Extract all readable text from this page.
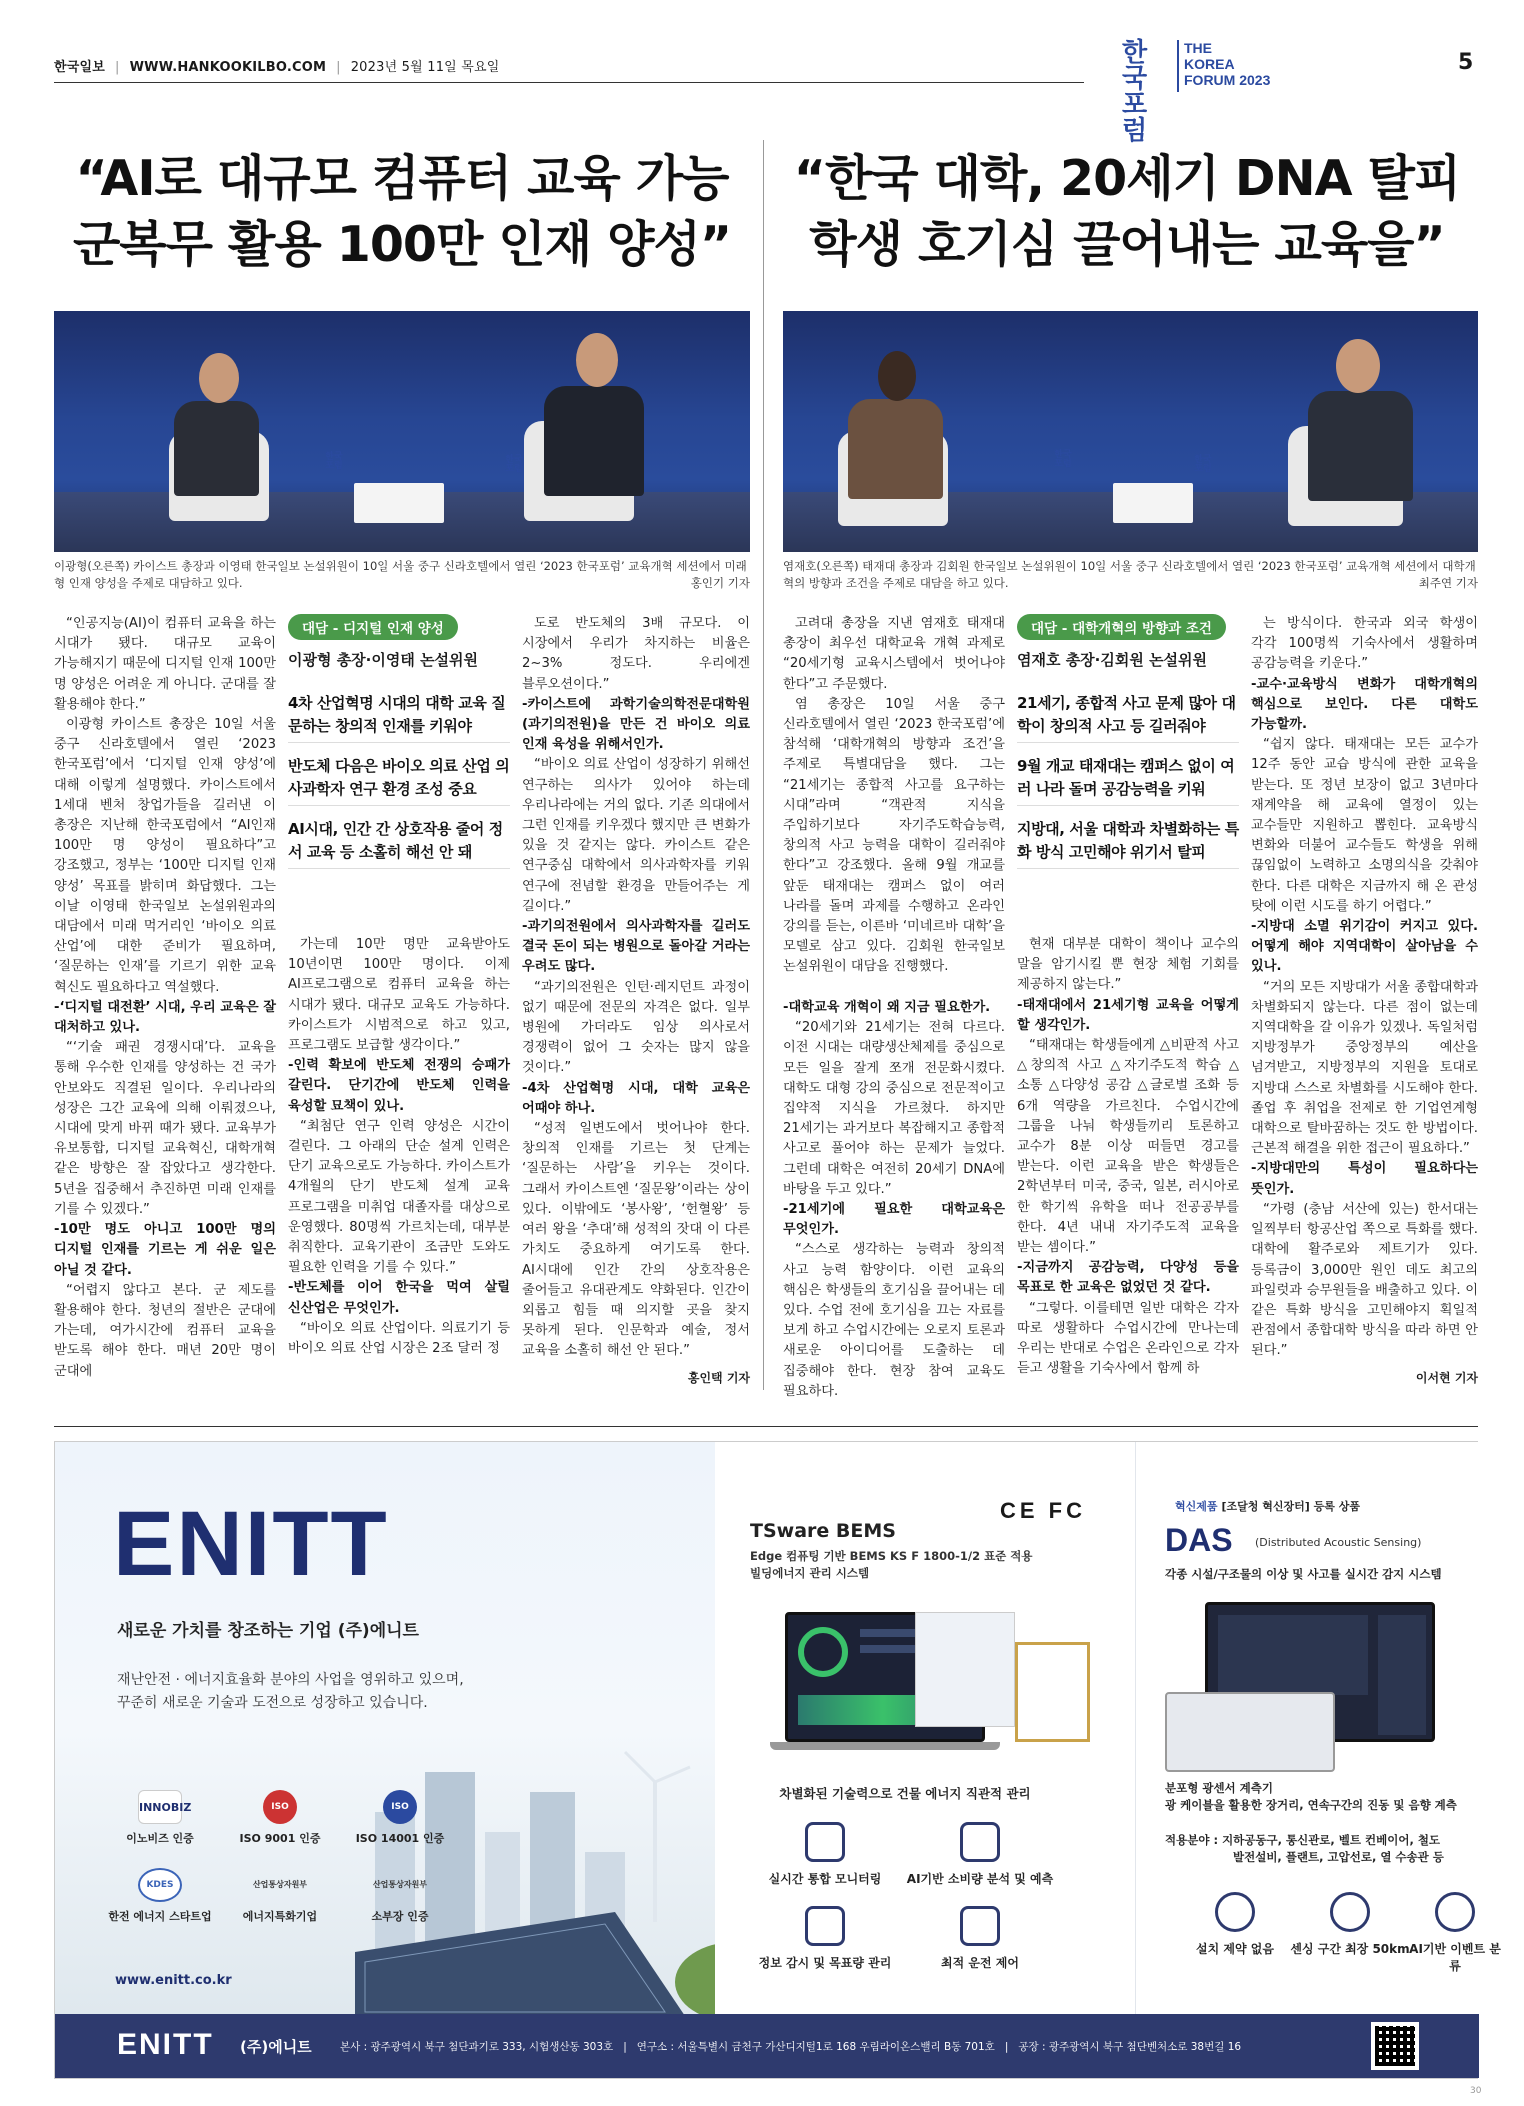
한국일보 | WWW.HANKOOKILBO.COM | 2023년 5월 11일 목요일	한국
포럼
THE
KOREA
FORUM 2023
5
“AI로 대규모 컴퓨터 교육 가능
군복무 활용 100만 인재 양성”
“한국 대학, 20세기 DNA 탈피
학생 호기심 끌어내는 교육을”
한국
포럼
한국
포럼
이광형(오른쪽) 카이스트 총장과 이영태 한국일보 논설위원이 10일 서울 중구 신라호텔에서 열린 ‘2023 한국포럼’ 교육개혁 세션에서 미래형 인재 양성을 주제로 대담하고 있다.	홍인기 기자
한국
포럼	한국
포럼
염재호(오른쪽) 태재대 총장과 김회원 한국일보 논설위원이 10일 서울 중구 신라호텔에서 열린 ‘2023 한국포럼’ 교육개혁 세션에서 대학개혁의 방향과 조건을 주제로 대담을 하고 있다.	최주연 기자

“인공지능(AI)이 컴퓨터 교육을 하는 시대가 됐다. 대규모 교육이 가능해지기 때문에 디지털 인재 100만 명 양성은 어려운 게 아니다. 군대를 잘 활용해야 한다.”

이광형 카이스트 총장은 10일 서울 중구 신라호텔에서 열린 ‘2023 한국포럼’에서 ‘디지털 인재 양성’에 대해 이렇게 설명했다. 카이스트에서 1세대 벤처 창업가들을 길러낸 이 총장은 지난해 한국포럼에서 “AI인재 100만 명 양성이 필요하다”고 강조했고, 정부는 ‘100만 디지털 인재 양성’ 목표를 밝히며 화답했다. 그는 이날 이영태 한국일보 논설위원과의 대담에서 미래 먹거리인 ‘바이오 의료 산업’에 대한 준비가 필요하며, ‘질문하는 인재’를 기르기 위한 교육 혁신도 필요하다고 역설했다.

-‘디지털 대전환’ 시대, 우리 교육은 잘 대처하고 있나.

“‘기술 패권 경쟁시대’다. 교육을 통해 우수한 인재를 양성하는 건 국가 안보와도 직결된 일이다. 우리나라의 성장은 그간 교육에 의해 이뤄졌으나, 시대에 맞게 바뀌 때가 됐다. 교육부가 유보통합, 디지털 교육혁신, 대학개혁 같은 방향은 잘 잡았다고 생각한다. 5년을 집중해서 추진하면 미래 인재를 기를 수 있겠다.”

-10만 명도 아니고 100만 명의 디지털 인재를 기르는 게 쉬운 일은 아닐 것 같다.

“어렵지 않다고 본다. 군 제도를 활용해야 한다. 청년의 절반은 군대에 가는데, 여가시간에 컴퓨터 교육을 받도록 해야 한다. 매년 20만 명이 군대에

대담 - 디지털 인재 양성
이광형 총장·이영태 논설위원
4차 산업혁명 시대의 대학 교육 질문하는 창의적 인재를 키워야
반도체 다음은 바이오 의료 산업 의사과학자 연구 환경 조성 중요
AI시대, 인간 간 상호작용 줄어 정서 교육 등 소홀히 해선 안 돼

가는데 10만 명만 교육받아도 10년이면 100만 명이다. 이제 AI프로그램으로 컴퓨터 교육을 하는 시대가 됐다. 대규모 교육도 가능하다. 카이스트가 시범적으로 하고 있고, 프로그램도 보급할 생각이다.”

-인력 확보에 반도체 전쟁의 승패가 갈린다. 단기간에 반도체 인력을 육성할 묘책이 있나.

“최첨단 연구 인력 양성은 시간이 걸린다. 그 아래의 단순 설계 인력은 단기 교육으로도 가능하다. 카이스트가 4개월의 단기 반도체 설계 교육 프로그램을 미취업 대졸자를 대상으로 운영했다. 80명씩 가르치는데, 대부분 취직한다. 교육기관이 조금만 도와도 필요한 인력을 기를 수 있다.”

-반도체를 이어 한국을 먹여 살릴 신산업은 무엇인가.

“바이오 의료 산업이다. 의료기기 등 바이오 의료 산업 시장은 2조 달러 정

도로 반도체의 3배 규모다. 이 시장에서 우리가 차지하는 비율은 2~3% 정도다. 우리에겐 블루오션이다.”

-카이스트에 과학기술의학전문대학원(과기의전원)을 만든 건 바이오 의료 인재 육성을 위해서인가.

“바이오 의료 산업이 성장하기 위해선 연구하는 의사가 있어야 하는데 우리나라에는 거의 없다. 기존 의대에서 그런 인재를 키우겠다 했지만 큰 변화가 있을 것 같지는 않다. 카이스트 같은 연구중심 대학에서 의사과학자를 키워 연구에 전념할 환경을 만들어주는 게 길이다.”

-과기의전원에서 의사과학자를 길러도 결국 돈이 되는 병원으로 돌아갈 거라는 우려도 많다.

“과기의전원은 인턴·레지던트 과정이 없기 때문에 전문의 자격은 없다. 일부 병원에 가더라도 임상 의사로서 경쟁력이 없어 그 숫자는 많지 않을 것이다.”

-4차 산업혁명 시대, 대학 교육은 어때야 하나.

“성적 일변도에서 벗어나야 한다. 창의적 인재를 기르는 첫 단계는 ‘질문하는 사람’을 키우는 것이다. 그래서 카이스트엔 ‘질문왕’이라는 상이 있다. 이밖에도 ‘봉사왕’, ‘헌혈왕’ 등 여러 왕을 ‘추대’해 성적의 잣대 이 다른 가치도 중요하게 여기도록 한다. AI시대에 인간 간의 상호작용은 줄어들고 유대관계도 약화된다. 인간이 외롭고 힘들 때 의지할 곳을 찾지 못하게 된다. 인문학과 예술, 정서 교육을 소홀히 해선 안 된다.”

홍인택 기자

고려대 총장을 지낸 염재호 태재대 총장이 최우선 대학교육 개혁 과제로 “20세기형 교육시스템에서 벗어나야 한다”고 주문했다.

염 총장은 10일 서울 중구 신라호텔에서 열린 ‘2023 한국포럼’에 참석해 ‘대학개혁의 방향과 조건’을 주제로 특별대담을 했다. 그는 “21세기는 종합적 사고를 요구하는 시대”라며 “객관적 지식을 주입하기보다 자기주도학습능력, 창의적 사고 능력을 대학이 길러줘야 한다”고 강조했다. 올해 9월 개교를 앞둔 태재대는 캠퍼스 없이 여러 나라를 돌며 과제를 수행하고 온라인 강의를 듣는, 이른바 ‘미네르바 대학’을 모델로 삼고 있다. 김회원 한국일보 논설위원이 대담을 진행했다.

-대학교육 개혁이 왜 지금 필요한가.

“20세기와 21세기는 전혀 다르다. 이전 시대는 대량생산체제를 중심으로 모든 일을 잘게 쪼개 전문화시켰다. 대학도 대형 강의 중심으로 전문적이고 집약적 지식을 가르쳤다. 하지만 21세기는 과거보다 복잡해지고 종합적 사고로 풀어야 하는 문제가 늘었다. 그런데 대학은 여전히 20세기 DNA에 바탕을 두고 있다.”

-21세기에 필요한 대학교육은 무엇인가.

“스스로 생각하는 능력과 창의적 사고 능력 함양이다. 이런 교육의 핵심은 학생들의 호기심을 끌어내는 데 있다. 수업 전에 호기심을 끄는 자료를 보게 하고 수업시간에는 오로지 토론과 새로운 아이디어를 도출하는 데 집중해야 한다. 현장 참여 교육도 필요하다.

대담 - 대학개혁의 방향과 조건
염재호 총장·김회원 논설위원
21세기, 종합적 사고 문제 많아 대학이 창의적 사고 등 길러줘야
9월 개교 태재대는 캠퍼스 없이 여러 나라 돌며 공감능력을 키워
지방대, 서울 대학과 차별화하는 특화 방식 고민해야 위기서 탈피

현재 대부분 대학이 책이나 교수의 말을 암기시킬 뿐 현장 체험 기회를 제공하지 않는다.”

-태재대에서 21세기형 교육을 어떻게 할 생각인가.

“태재대는 학생들에게 △비판적 사고 △창의적 사고 △자기주도적 학습 △소통 △다양성 공감 △글로벌 조화 등 6개 역량을 가르친다. 수업시간에 그룹을 나눠 학생들끼리 토론하고 교수가 8분 이상 떠들면 경고를 받는다. 이런 교육을 받은 학생들은 2학년부터 미국, 중국, 일본, 러시아로 한 학기씩 유학을 떠나 전공공부를 한다. 4년 내내 자기주도적 교육을 받는 셈이다.”

-지금까지 공감능력, 다양성 등을 목표로 한 교육은 없었던 것 같다.

“그렇다. 이를테면 일반 대학은 각자 따로 생활하다 수업시간에 만나는데 우리는 반대로 수업은 온라인으로 각자 듣고 생활을 기숙사에서 함께 하

는 방식이다. 한국과 외국 학생이 각각 100명씩 기숙사에서 생활하며 공감능력을 키운다.”

-교수·교육방식 변화가 대학개혁의 핵심으로 보인다. 다른 대학도 가능할까.

“쉽지 않다. 태재대는 모든 교수가 12주 동안 교습 방식에 관한 교육을 받는다. 또 정년 보장이 없고 3년마다 재계약을 해 교육에 열정이 있는 교수들만 지원하고 뽑힌다. 교육방식 변화와 더불어 교수들도 학생을 위해 끊임없이 노력하고 소명의식을 갖춰야 한다. 다른 대학은 지금까지 해 온 관성 탓에 이런 시도를 하기 어렵다.”

-지방대 소멸 위기감이 커지고 있다. 어떻게 해야 지역대학이 살아남을 수 있나.

“거의 모든 지방대가 서울 종합대학과 차별화되지 않는다. 다른 점이 없는데 지역대학을 갈 이유가 있겠나. 독일처럼 지방정부가 중앙정부의 예산을 넘겨받고, 지방정부의 지원을 토대로 지방대 스스로 차별화를 시도해야 한다. 졸업 후 취업을 전제로 한 기업연계형 대학으로 탈바꿈하는 것도 한 방법이다. 근본적 해결을 위한 접근이 필요하다.”

-지방대만의 특성이 필요하다는 뜻인가.

“가령 (충남 서산에 있는) 한서대는 일찍부터 항공산업 쪽으로 특화를 했다. 대학에 활주로와 제트기가 있다. 등록금이 3,000만 원인 데도 최고의 파일럿과 승무원들을 배출하고 있다. 이 같은 특화 방식을 고민해야지 획일적 관점에서 종합대학 방식을 따라 하면 안 된다.”

이서현 기자
ENITT
새로운 가치를 창조하는 기업 (주)에니트
재난안전 · 에너지효율화 분야의 사업을 영위하고 있으며,
꾸준히 새로운 기술과 도전으로 성장하고 있습니다.
INNOBIZ
이노비즈 인증
ISO
ISO 9001 인증
ISO
ISO 14001 인증
KDES
한전 에너지 스타트업
산업통상자원부
에너지특화기업
산업통상자원부
소부장 인증
www.enitt.co.kr
TSware BEMS
Edge 컴퓨팅 기반 BEMS KS F 1800-1/2 표준 적용
빌딩에너지 관리 시스템
CE FC
차별화된 기술력으로 건물 에너지 직관적 관리
실시간 통합 모니터링	AI기반 소비량 분석 및 예측
정보 감시 및 목표량 관리	최적 운전 제어
혁신제품 [조달청 혁신장터] 등록 상품
DAS (Distributed Acoustic Sensing)
각종 시설/구조물의 이상 및 사고를 실시간 감지 시스템
분포형 광센서 계측기
광 케이블을 활용한 장거리, 연속구간의 진동 및 음향 계측
적용분야 : 지하공동구, 통신관로, 벨트 컨베이어, 철도
발전설비, 플랜트, 고압선로, 열 수송관 등
설치 제약 없음	센싱 구간 최장 50km AI기반 이벤트 분류
ENITT (주)에니트	본사 : 광주광역시 북구 첨단과기로 333, 시험생산동 303호   |   연구소 : 서울특별시 금천구 가산디지털1로 168 우림라이온스밸리 B동 701호   |   공장 : 광주광역시 북구 첨단벤처소로 38번길 16
30
